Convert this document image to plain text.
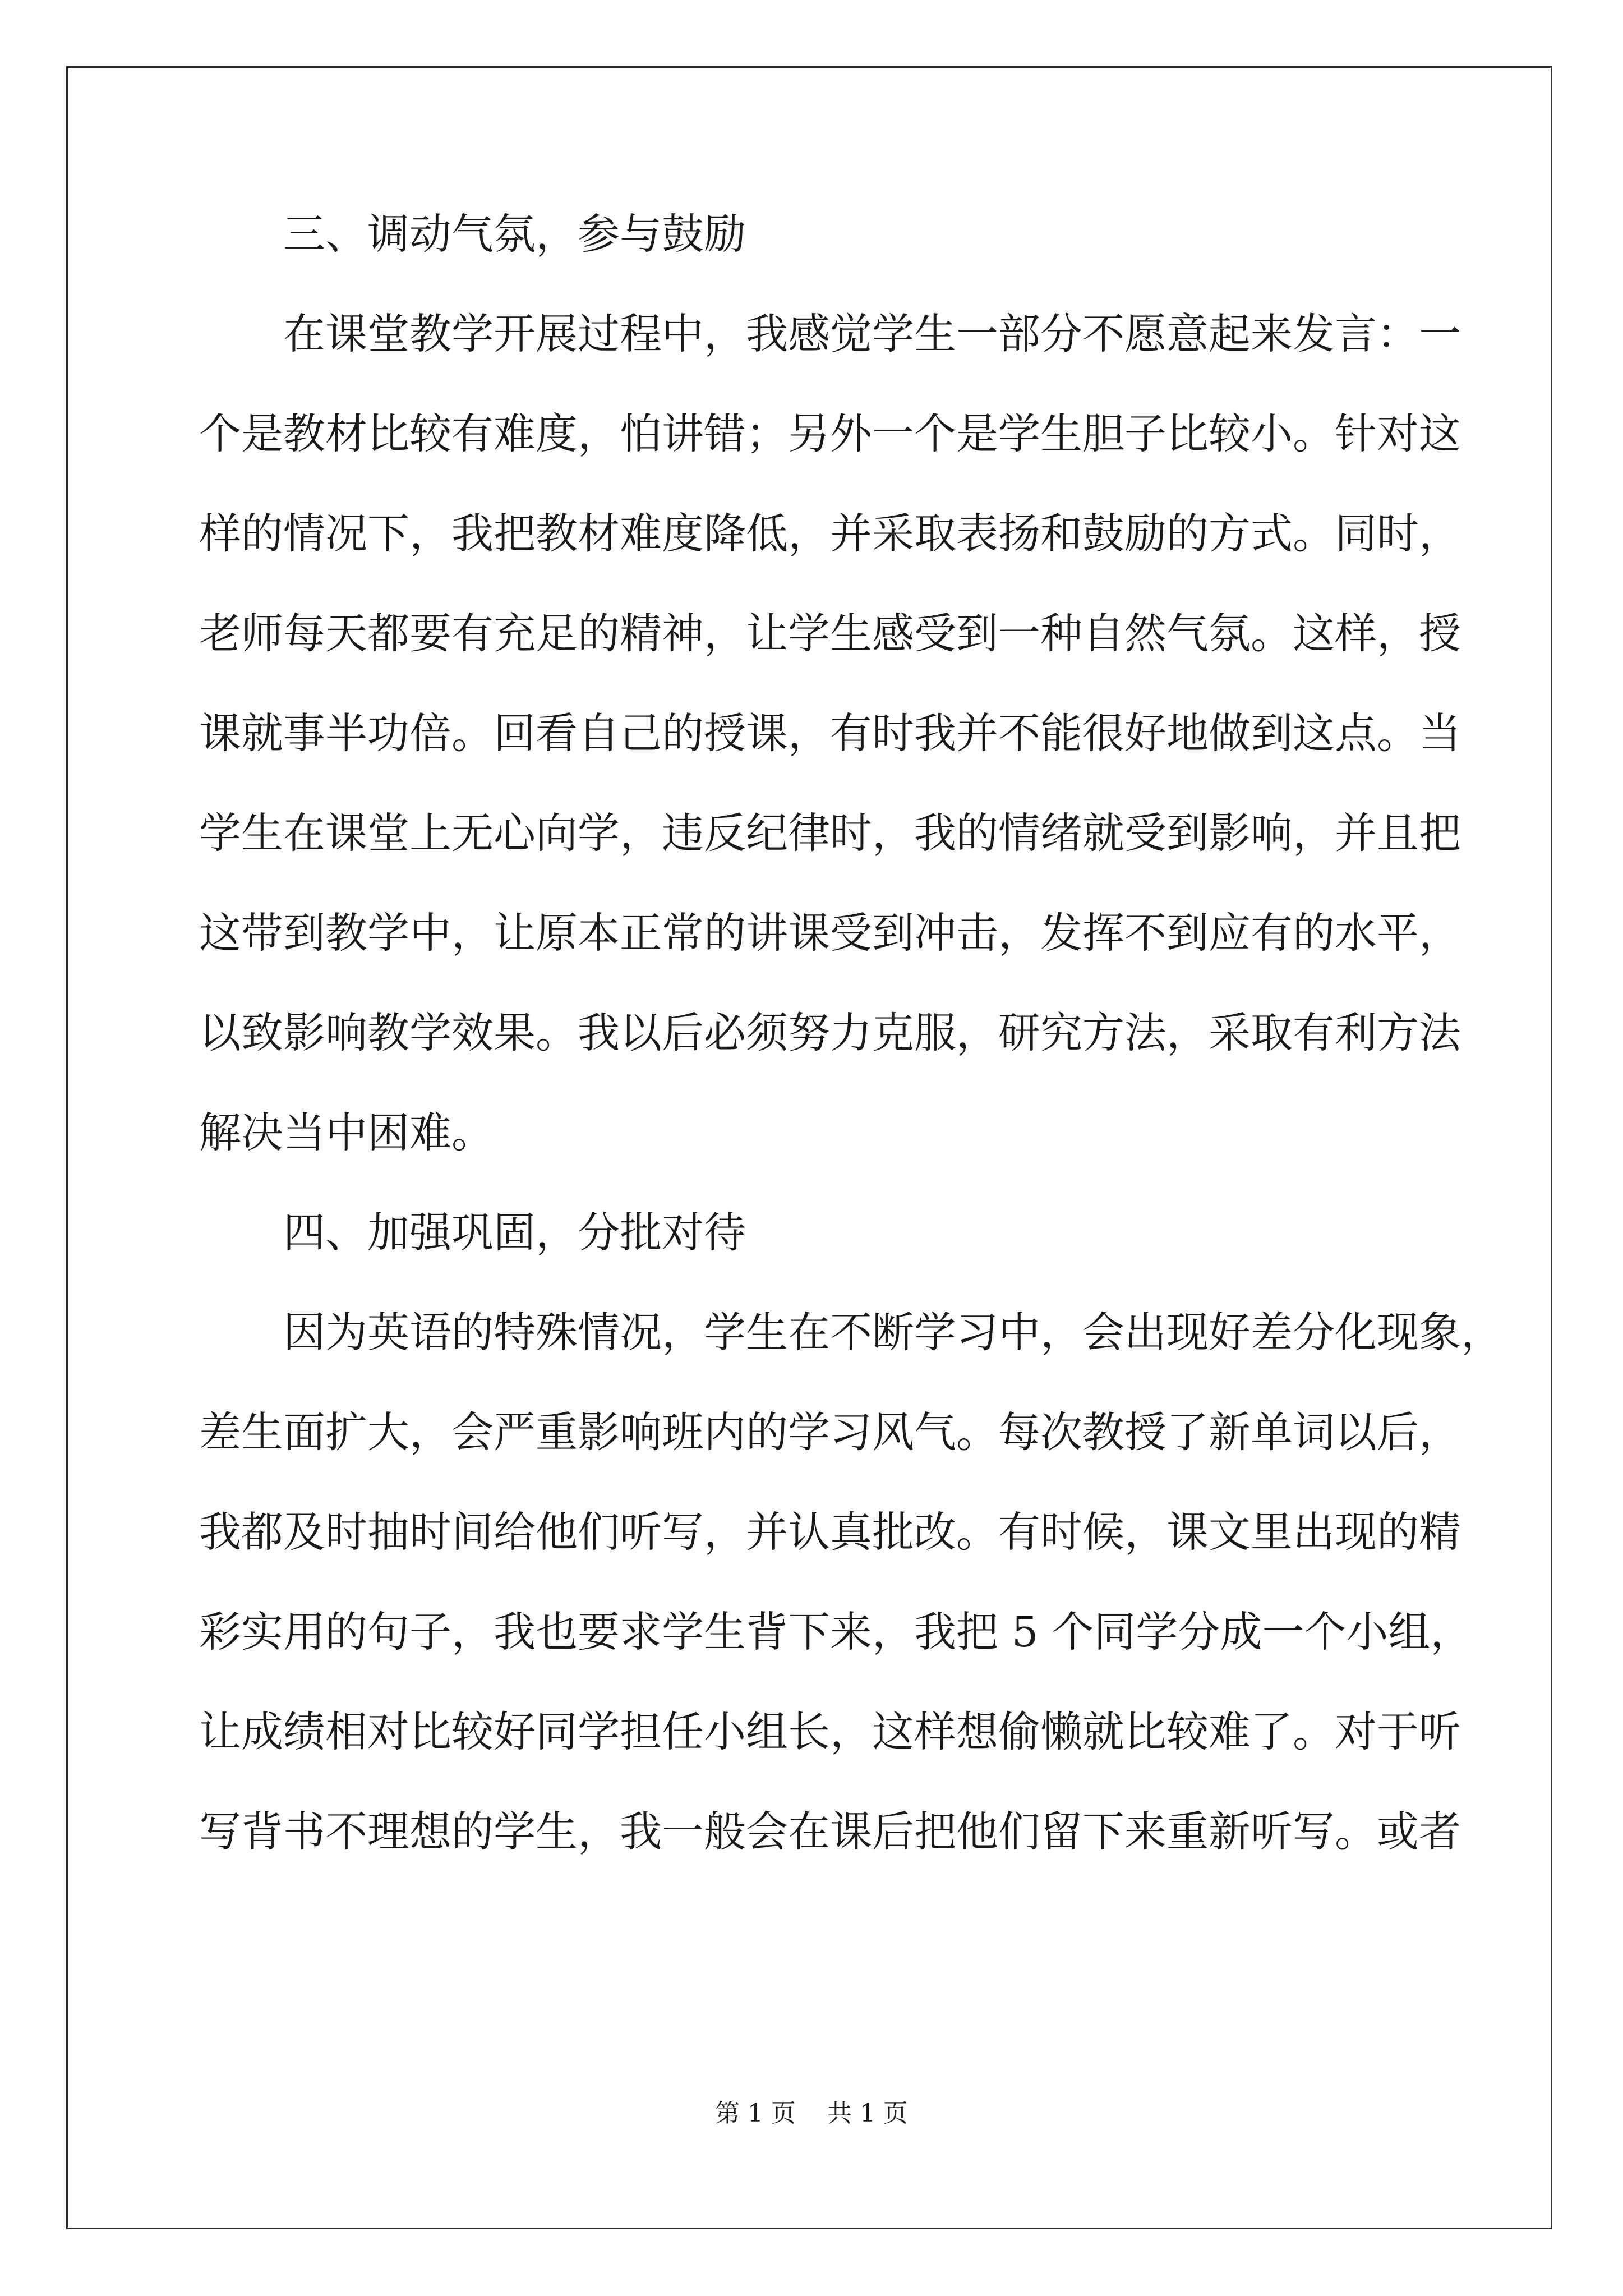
三、调动气氛，参与鼓励

在课堂教学开展过程中，我感觉学生一部分不愿意起来发言：一

个是教材比较有难度，怕讲错；另外一个是学生胆子比较小。针对这

样的情况下，我把教材难度降低，并采取表扬和鼓励的方式。同时，

老师每天都要有充足的精神，让学生感受到一种自然气氛。这样，授

课就事半功倍。回看自己的授课，有时我并不能很好地做到这点。当

学生在课堂上无心向学，违反纪律时，我的情绪就受到影响，并且把

这带到教学中，让原本正常的讲课受到冲击，发挥不到应有的水平，

以致影响教学效果。我以后必须努力克服，研究方法，采取有利方法

解决当中困难。

四、加强巩固，分批对待

因为英语的特殊情况，学生在不断学习中，会出现好差分化现象，

差生面扩大，会严重影响班内的学习风气。每次教授了新单词以后，

我都及时抽时间给他们听写，并认真批改。有时候，课文里出现的精

彩实用的句子，我也要求学生背下来，我把 5 个同学分成一个小组，

让成绩相对比较好同学担任小组长，这样想偷懒就比较难了。对于听

写背书不理想的学生，我一般会在课后把他们留下来重新听写。或者

第 1 页    共 1 页
